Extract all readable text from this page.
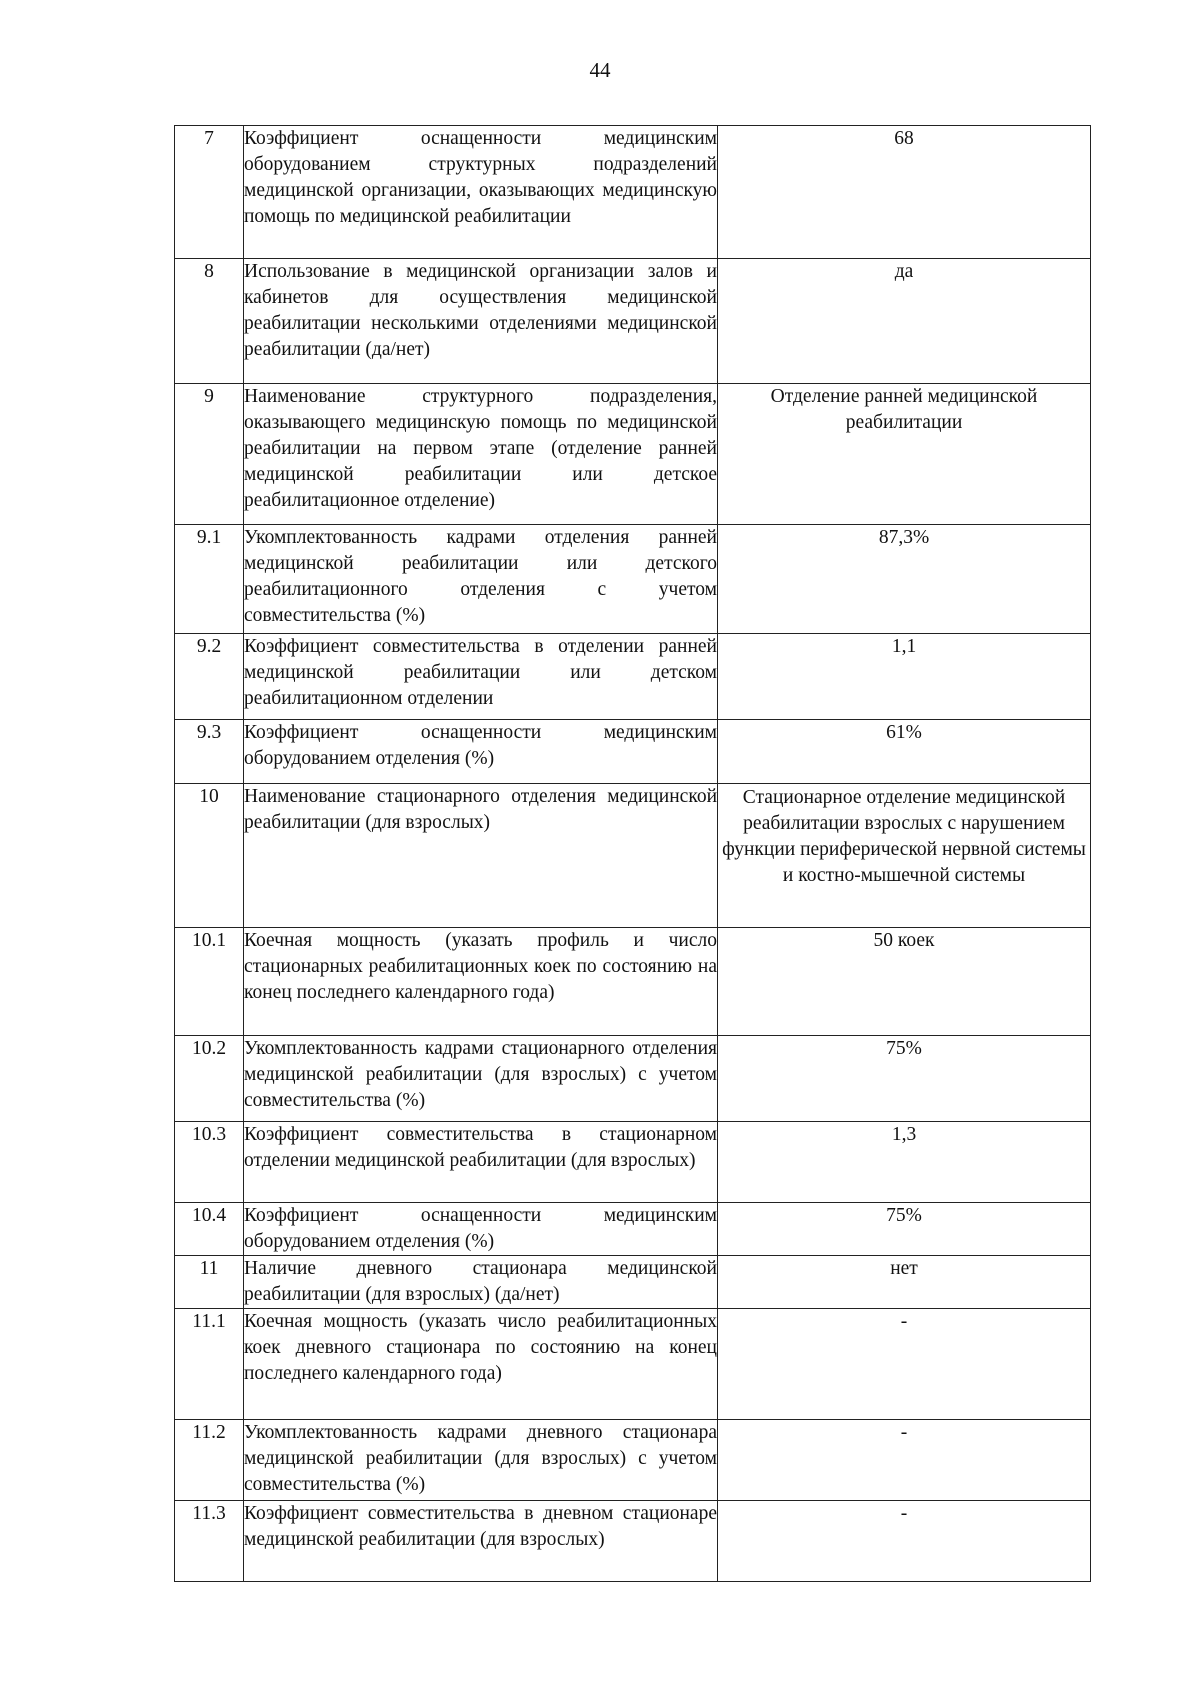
44
7	Коэффициент оснащенности медицинским оборудованием структурных подразделений медицинской организации, оказывающих медицинскую помощь по медицинской реабилитации	68
8	Использование в медицинской организации залов и кабинетов для осуществления медицинской реабилитации несколькими отделениями медицинской реабилитации (да/нет)	да
9	Наименование структурного подразделения, оказывающего медицинскую помощь по медицинской реабилитации на первом этапе (отделение ранней медицинской реабилитации или детское реабилитационное отделение)	Отделение ранней медицинской реабилитации
9.1	Укомплектованность кадрами отделения ранней медицинской реабилитации или детского реабилитационного отделения с учетом совместительства (%)	87,3%
9.2	Коэффициент совместительства в отделении ранней медицинской реабилитации или детском реабилитационном отделении	1,1
9.3	Коэффициент оснащенности медицинским оборудованием отделения (%)	61%
10	Наименование стационарного отделения медицинской реабилитации (для взрослых)	Стационарное отделение медицинской реабилитации взрослых с нарушением функции периферической нервной системы и костно-мышечной системы
10.1	Коечная мощность (указать профиль и число стационарных реабилитационных коек по состоянию на конец последнего календарного года)	50 коек
10.2	Укомплектованность кадрами стационарного отделения медицинской реабилитации (для взрослых) с учетом совместительства (%)	75%
10.3	Коэффициент совместительства в стационарном отделении медицинской реабилитации (для взрослых)	1,3
10.4	Коэффициент оснащенности медицинским оборудованием отделения (%)	75%
11	Наличие дневного стационара медицинской реабилитации (для взрослых) (да/нет)	нет
11.1	Коечная мощность (указать число реабилитационных коек дневного стационара по состоянию на конец последнего календарного года)	-
11.2	Укомплектованность кадрами дневного стационара медицинской реабилитации (для взрослых) с учетом совместительства (%)	-
11.3	Коэффициент совместительства в дневном стационаре медицинской реабилитации (для взрослых)	-
